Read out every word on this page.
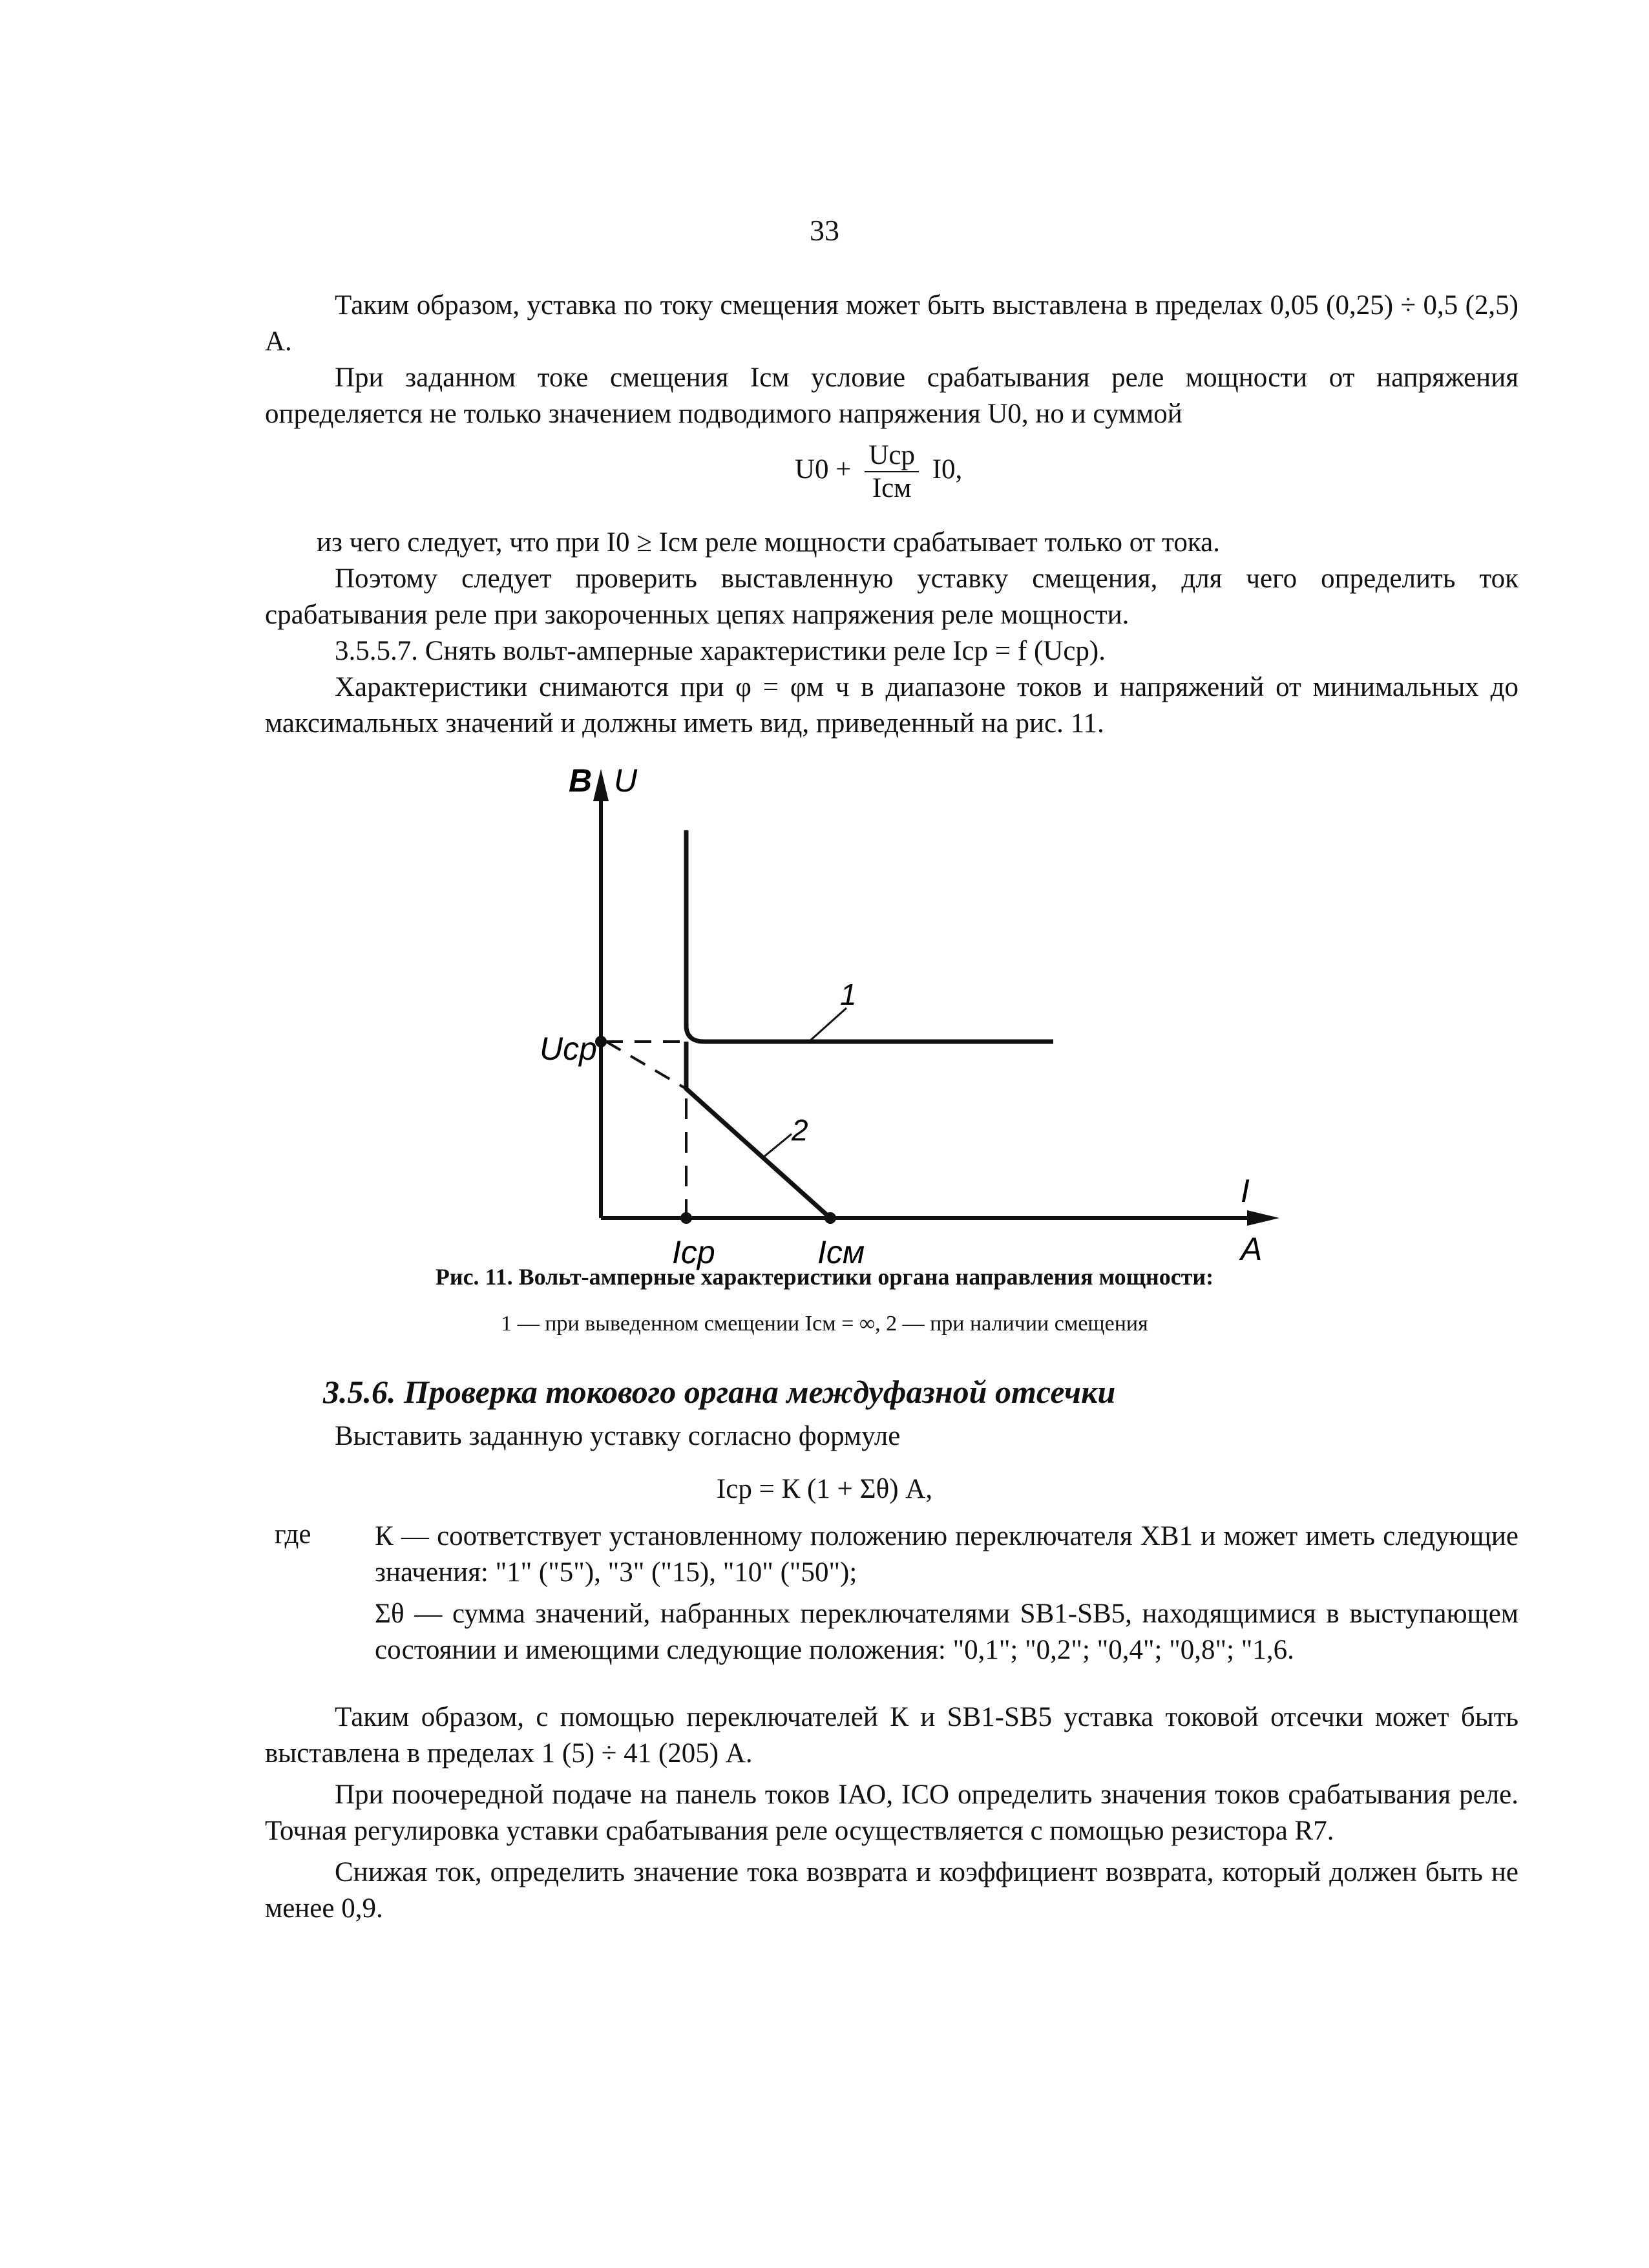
33

Таким образом, уставка по току смещения может быть выставлена в пределах 0,05 (0,25) ÷ 0,5 (2,5) А.

При заданном токе смещения Iсм условие срабатывания реле мощности от напряжения определяется не только значением подводимого напряжения U0, но и суммой

$U0 + \frac{\text{Uср}}{\text{Iсм}} I0$,

из чего следует, что при I0 ≥ Iсм реле мощности срабатывает только от тока.

Поэтому следует проверить выставленную уставку смещения, для чего определить ток срабатывания реле при закороченных цепях напряжения реле мощности.

3.5.5.7. Снять вольт-амперные характеристики реле Iср = f (Uср).

Характеристики снимаются при φ = φм ч в диапазоне токов и напряжений от минимальных до максимальных значений и должны иметь вид, приведенный на рис. 11.

В U
Uср
Iср	Iсм
1
2
I
А
Рис. 11. Вольт-амперные характеристики органа направления мощности:
1 — при выведенном смещении Iсм = ∞, 2 — при наличии смещения
3.5.6. Проверка токового органа междуфазной отсечки
Выставить заданную уставку согласно формуле
Iср = К (1 + Σθ) А,
где К — соответствует установленному положению переключателя ХВ1 и может иметь следующие значения: "1" ("5"), "3" ("15), "10" ("50");

Σθ — сумма значений, набранных переключателями SB1-SB5, находящимися в выступающем состоянии и имеющими следующие положения: "0,1"; "0,2"; "0,4"; "0,8"; "1,6.

Таким образом, с помощью переключателей К и SB1-SB5 уставка токовой отсечки может быть выставлена в пределах 1 (5) ÷ 41 (205) А.

При поочередной подаче на панель токов IАО, IСО определить значения токов срабатывания реле. Точная регулировка уставки срабатывания реле осуществляется с помощью резистора R7.

Снижая ток, определить значение тока возврата и коэффициент возврата, который должен быть не менее 0,9.
